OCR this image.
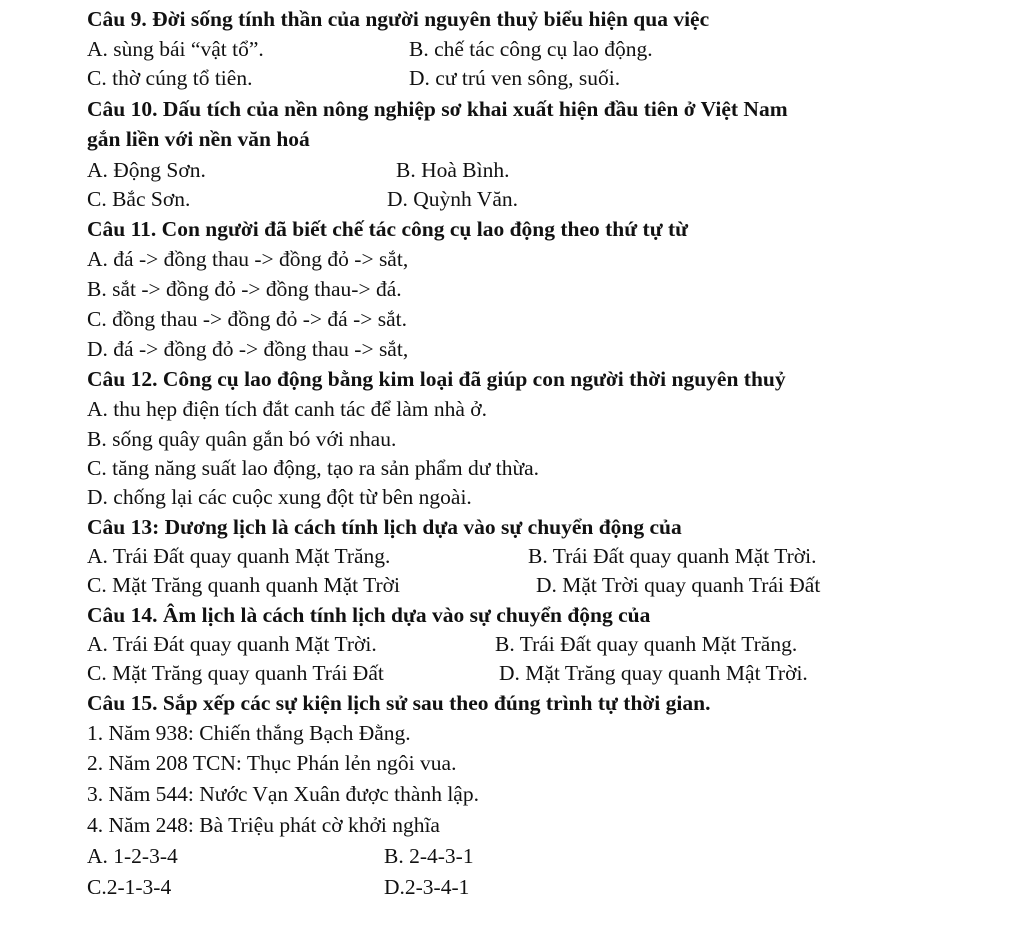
Câu 9. Đời sống tính thần của người nguyên thuỷ biểu hiện qua việc
A. sùng bái “vật tổ”.	B. chế tác công cụ lao động.
C. thờ cúng tổ tiên.	D. cư trú ven sông, suối.
Câu 10. Dấu tích của nền nông nghiệp sơ khai xuất hiện đầu tiên ở Việt Nam
gắn liền với nền văn hoá
A. Động Sơn.	B. Hoà Bình.
C. Bắc Sơn.	D. Quỳnh Văn.
Câu 11. Con người đã biết chế tác công cụ lao động theo thứ tự từ
A. đá -> đồng thau -> đồng đỏ -> sắt,
B. sắt -> đồng đỏ -> đồng thau-> đá.
C. đồng thau -> đồng đỏ -> đá -> sắt.
D. đá -> đồng đỏ -> đồng thau -> sắt,
Câu 12. Công cụ lao động bằng kim loại đã giúp con người thời nguyên thuỷ
A. thu hẹp điện tích đắt canh tác để làm nhà ở.
B. sống quây quân gắn bó với nhau.
C. tăng năng suất lao động, tạo ra sản phẩm dư thừa.
D. chống lại các cuộc xung đột từ bên ngoài.
Câu 13: Dương lịch là cách tính lịch dựa vào sự chuyển động của
A. Trái Đất quay quanh Mặt Trăng.	B. Trái Đất quay quanh Mặt Trời.
C. Mặt Trăng quanh quanh Mặt Trời	D. Mặt Trời quay quanh Trái Đất
Câu 14. Âm lịch là cách tính lịch dựa vào sự chuyển động của
A. Trái Đát quay quanh Mặt Trời.	B. Trái Đất quay quanh Mặt Trăng.
C. Mặt Trăng quay quanh Trái Đất	D. Mặt Trăng quay quanh Mật Trời.
Câu 15. Sắp xếp các sự kiện lịch sử sau theo đúng trình tự thời gian.
1. Năm 938: Chiến thắng Bạch Đằng.
2. Năm 208 TCN: Thục Phán lẻn ngôi vua.
3. Năm 544: Nước Vạn Xuân được thành lập.
4. Năm 248: Bà Triệu phát cờ khởi nghĩa
A. 1-2-3-4	B. 2-4-3-1
C.2-1-3-4	D.2-3-4-1
